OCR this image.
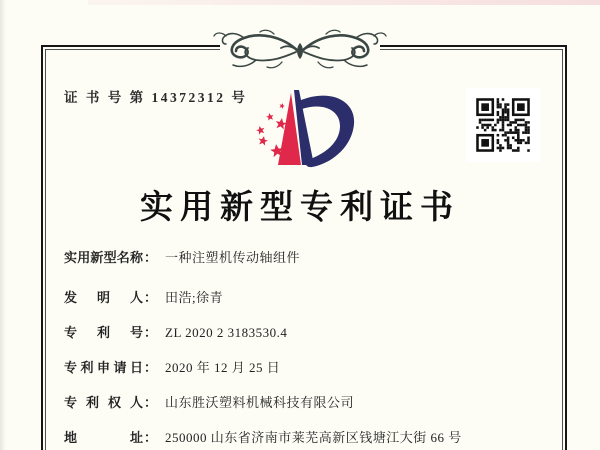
证 书 号 第 14372312 号
实用新型专利证书
实用新型名称 ： 一种注塑机传动轴组件
发明人 ： 田浩;徐青
专利号 ： ZL 2020 2 3183530.4
专利申请日 ： 2020 年 12 月 25 日
专利权人 ： 山东胜沃塑料机械科技有限公司
地址 ： 250000 山东省济南市莱芜高新区钱塘江大街 66 号
